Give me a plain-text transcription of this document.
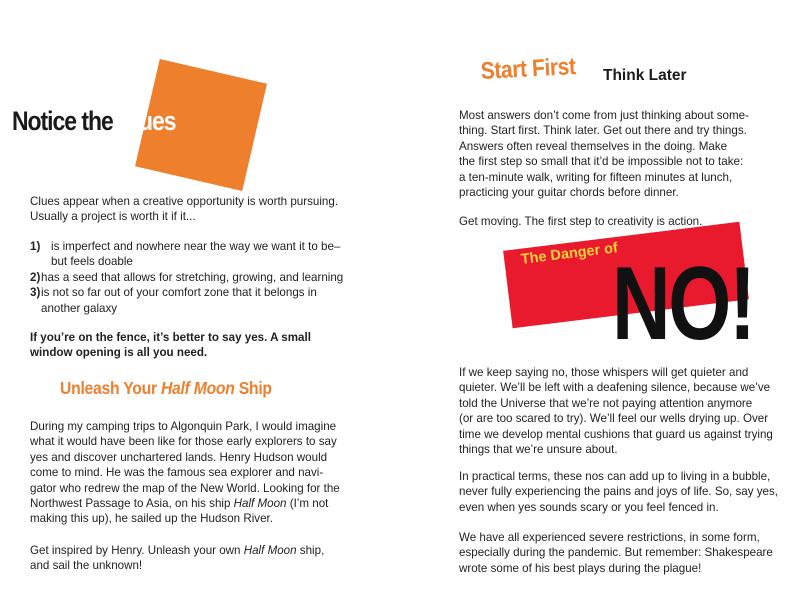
Notice the Clues
Clues appear when a creative opportunity is worth pursuing.
Usually a project is worth it if it...
1) is imperfect and nowhere near the way we want it to be–
but feels doable
2) has a seed that allows for stretching, growing, and learning
3) is not so far out of your comfort zone that it belongs in
another galaxy
If you’re on the fence, it’s better to say yes. A small
window opening is all you need.
Unleash Your Half Moon Ship
During my camping trips to Algonquin Park, I would imagine
what it would have been like for those early explorers to say
yes and discover unchartered lands. Henry Hudson would
come to mind. He was the famous sea explorer and navi-
gator who redrew the map of the New World. Looking for the
Northwest Passage to Asia, on his ship Half Moon (I’m not
making this up), he sailed up the Hudson River.
Get inspired by Henry. Unleash your own Half Moon ship,
and sail the unknown!
Start First Think Later
Most answers don’t come from just thinking about some-
thing. Start first. Think later. Get out there and try things.
Answers often reveal themselves in the doing. Make
the first step so small that it’d be impossible not to take:
a ten-minute walk, writing for fifteen minutes at lunch,
practicing your guitar chords before dinner.
Get moving. The first step to creativity is action.
The Danger of
NO!
If we keep saying no, those whispers will get quieter and
quieter. We’ll be left with a deafening silence, because we’ve
told the Universe that we’re not paying attention anymore
(or are too scared to try). We’ll feel our wells drying up. Over
time we develop mental cushions that guard us against trying
things that we’re unsure about.
In practical terms, these nos can add up to living in a bubble,
never fully experiencing the pains and joys of life. So, say yes,
even when yes sounds scary or you feel fenced in.
We have all experienced severe restrictions, in some form,
especially during the pandemic. But remember: Shakespeare
wrote some of his best plays during the plague!
